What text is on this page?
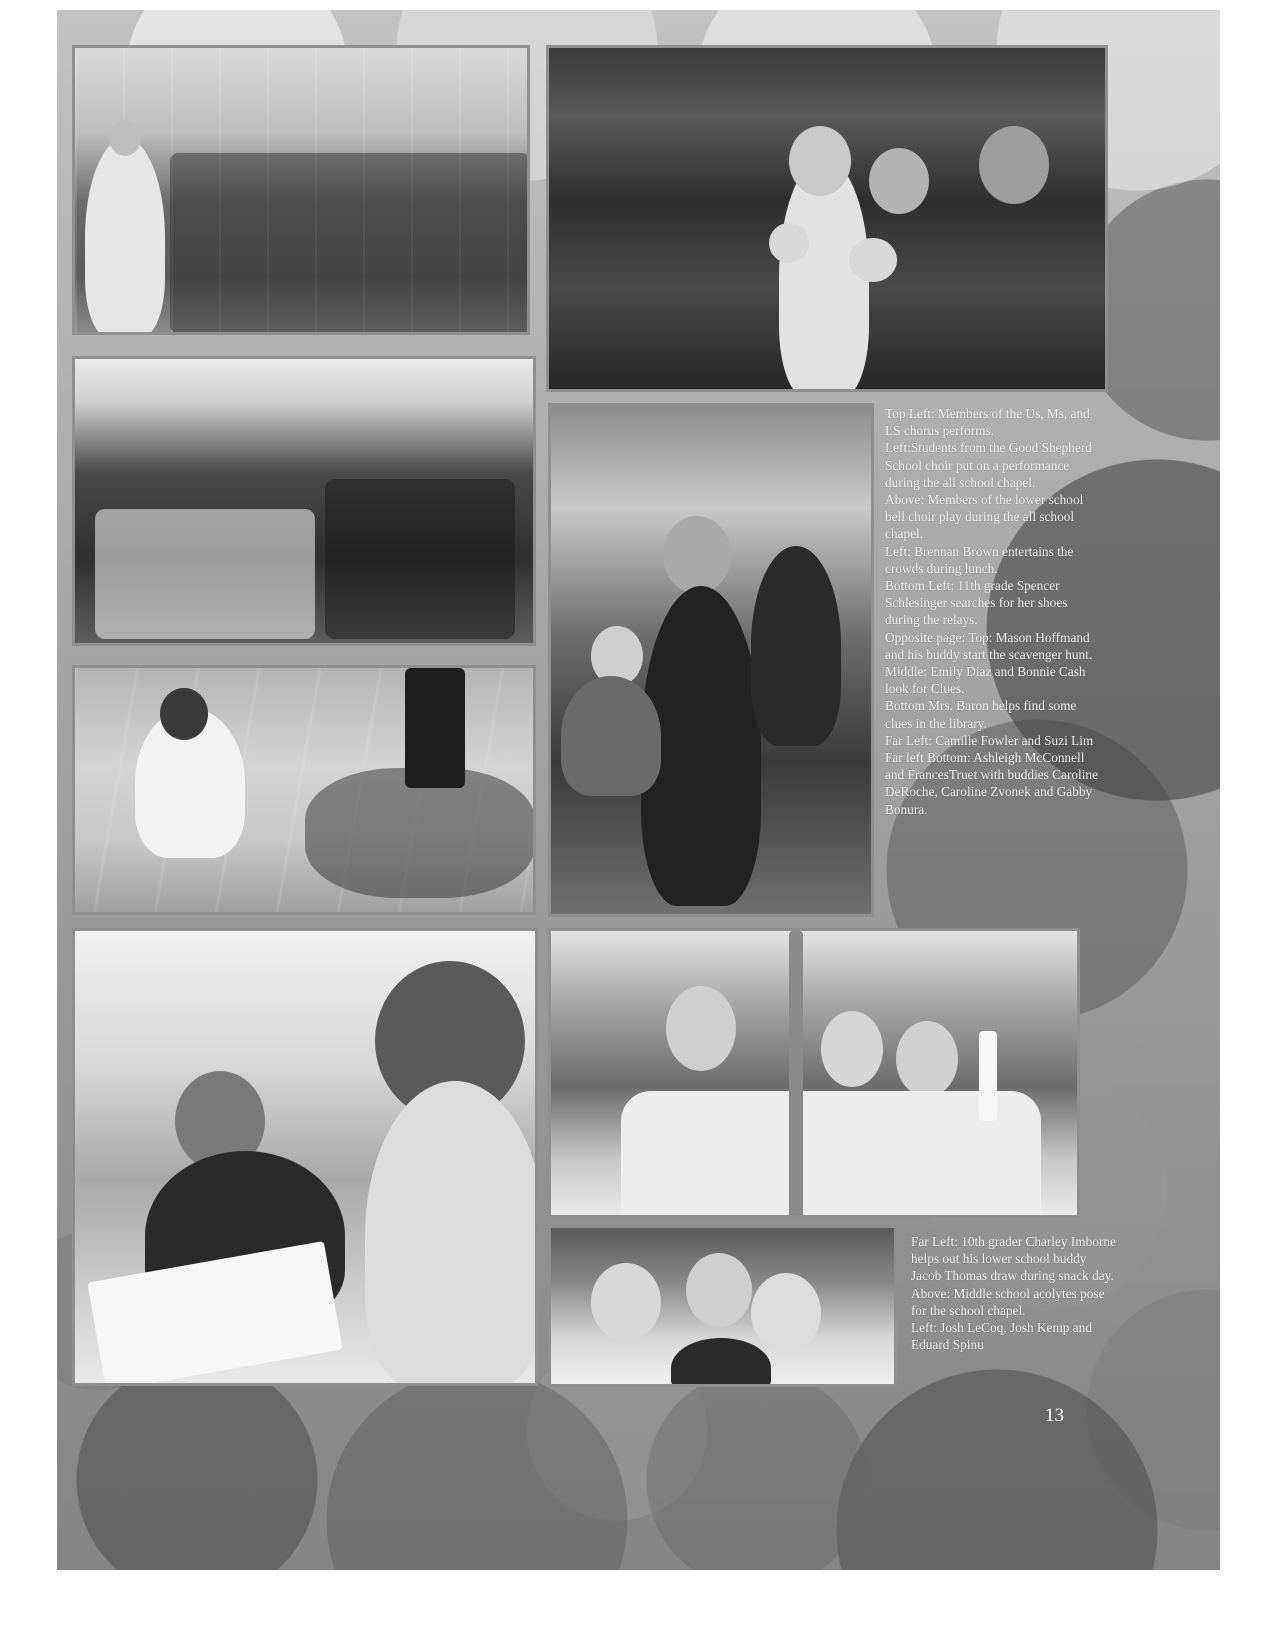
Top Left: Members of the Us, Ms, and LS chorus performs.

Left:Students from the Good Shepherd School choir put on a performance during the all school chapel.

Above: Members of the lower school bell choir play during the all school chapel.

Left: Brennan Brown entertains the crowds during lunch.

Bottom Left: 11th grade Spencer Schlesinger searches for her shoes during the relays.

Opposite page: Top: Mason Hoffmand and his buddy start the scavenger hunt.

Middle: Emily Diaz and Bonnie Cash look for Clues.

Bottom Mrs. Baron helps find some clues in the library.

Far Left: Camille Fowler and Suzi Lim

Far left Bottom: Ashleigh McConnell and FrancesTruet with buddies Caroline DeRoche, Caroline Zvonek and Gabby Bonura.

Far Left: 10th grader Charley Imborne helps out his lower school buddy Jacob Thomas draw during snack day.

Above: Middle school acolytes pose for the school chapel.

Left: Josh LeCoq, Josh Kemp and Eduard Spinu

13
